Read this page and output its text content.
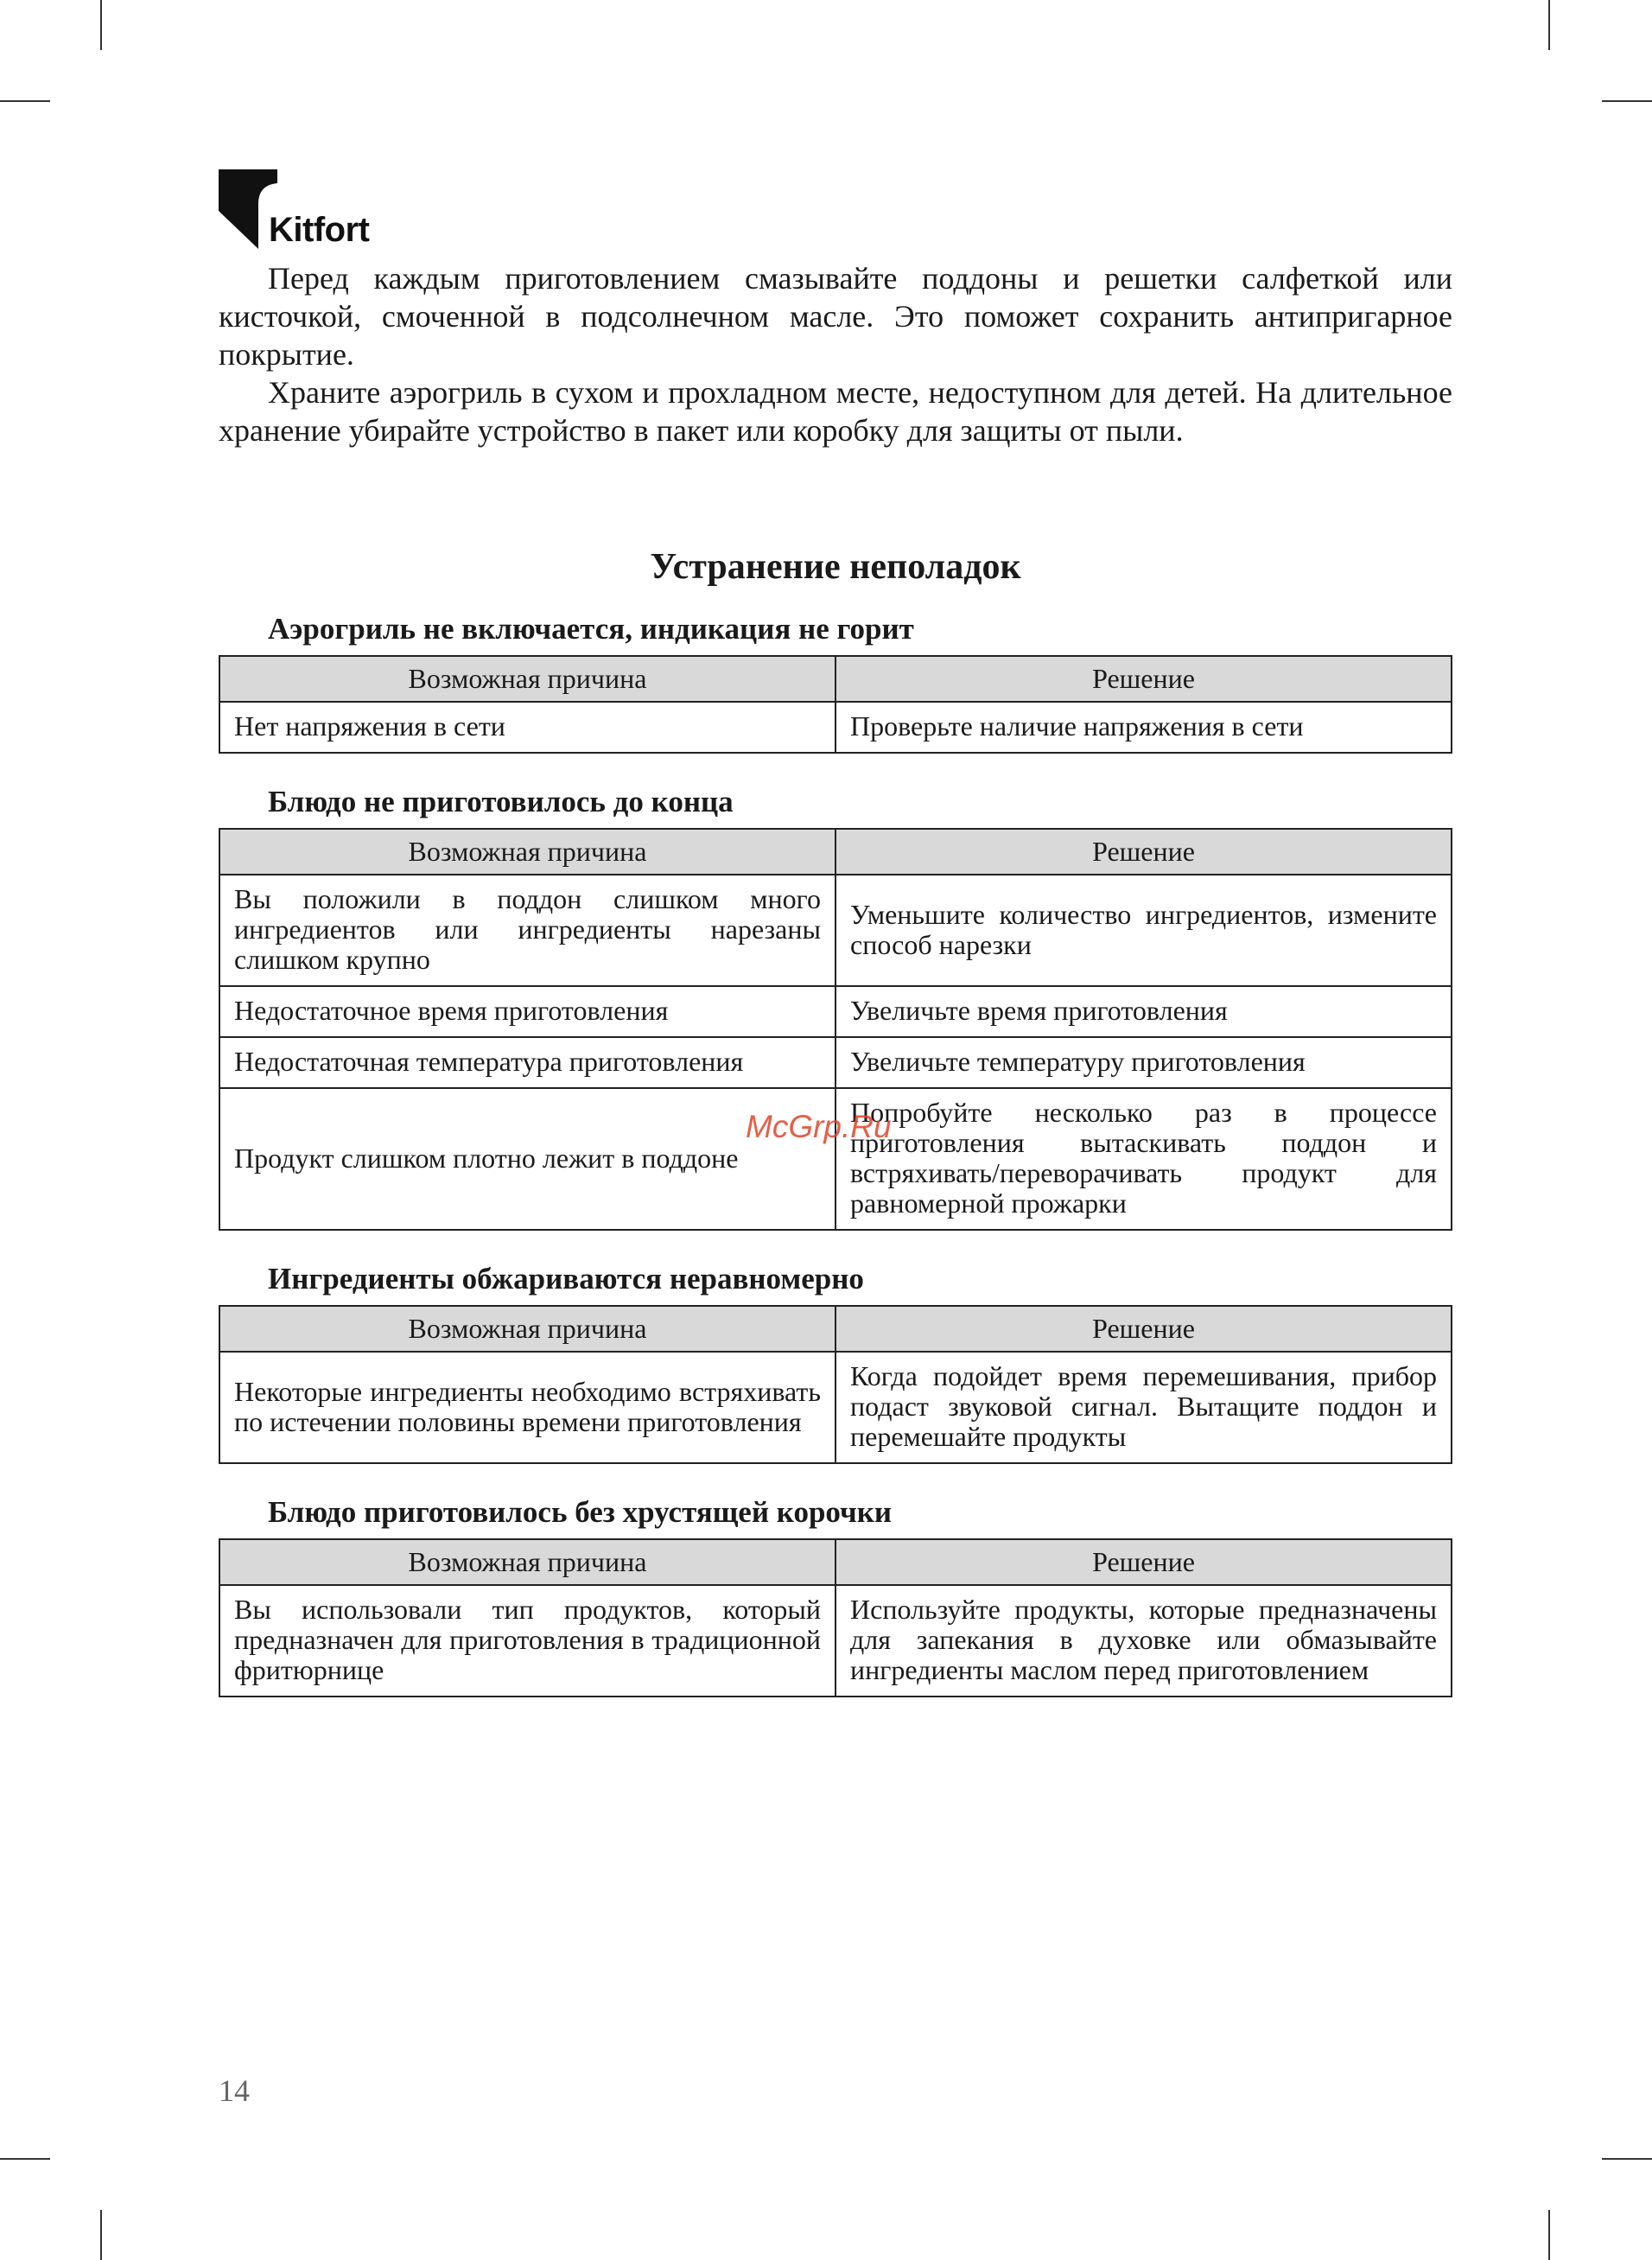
Kitfort

Перед каждым приготовлением смазывайте поддоны и решетки салфеткой или кисточкой, смоченной в подсолнечном масле. Это поможет сохранить антипригарное покрытие.

Храните аэрогриль в сухом и прохладном месте, недоступном для детей. На длительное хранение убирайте устройство в пакет или коробку для защиты от пыли.

Устранение неполадок
Аэрогриль не включается, индикация не горит
Возможная причина	Решение
Нет напряжения в сети	Проверьте наличие напряжения в сети
Блюдо не приготовилось до конца
Возможная причина	Решение
Вы положили в поддон слишком много ингредиентов или ингредиенты нарезаны слишком крупно	Уменьшите количество ингредиентов, измените способ нарезки
Недостаточное время приготовления	Увеличьте время приготовления
Недостаточная температура приготовления	Увеличьте температуру приготовления
Продукт слишком плотно лежит в поддоне	Попробуйте несколько раз в процессе приготовления вытаскивать поддон и встряхивать/переворачивать продукт для равномерной прожарки
Ингредиенты обжариваются неравномерно
Возможная причина	Решение
Некоторые ингредиенты необходимо встряхивать по истечении половины времени приготовления	Когда подойдет время перемешивания, прибор подаст звуковой сигнал. Вытащите поддон и перемешайте продукты
Блюдо приготовилось без хрустящей корочки
Возможная причина	Решение
Вы использовали тип продуктов, который предназначен для приготовления в традиционной фритюрнице	Используйте продукты, которые предназначены для запекания в духовке или обмазывайте ингредиенты маслом перед приготовлением
McGrp.Ru
14
